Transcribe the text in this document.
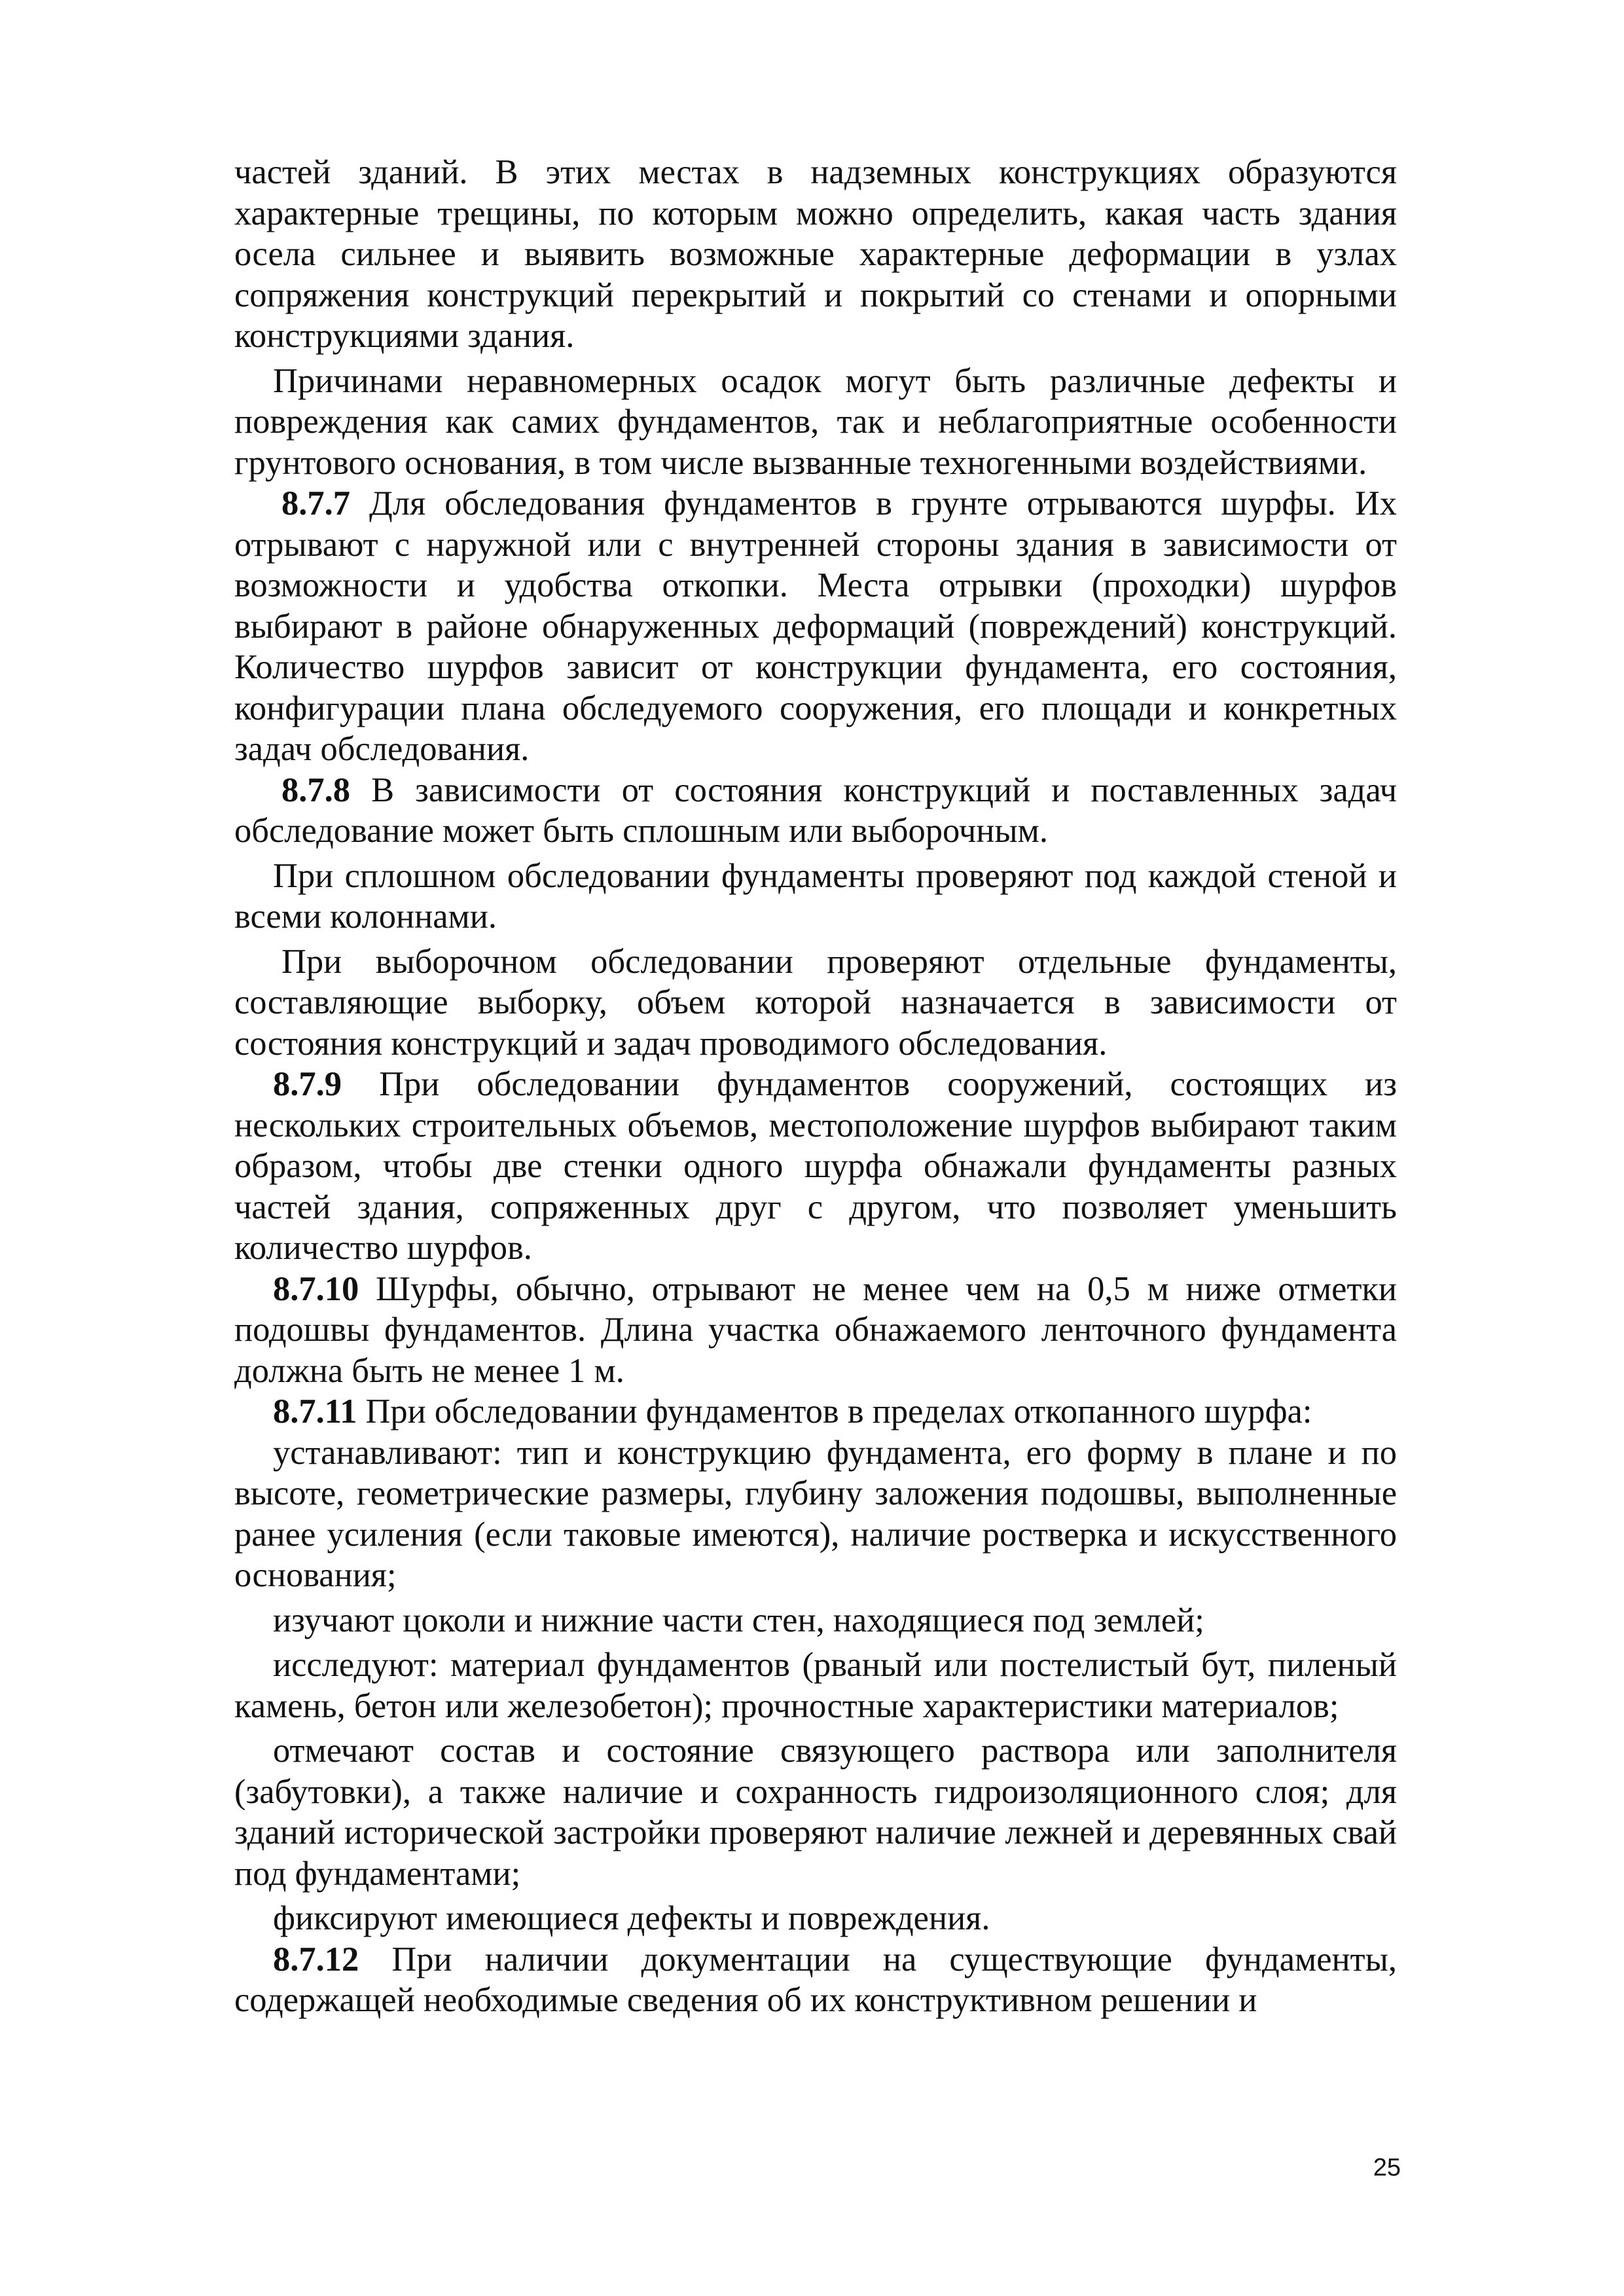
частей зданий. В этих местах в надземных конструкциях образуются характерные трещины, по которым можно определить, какая часть здания осела сильнее и выявить возможные характерные деформации в узлах сопряжения конструкций перекрытий и покрытий со стенами и опорными конструкциями здания.

Причинами неравномерных осадок могут быть различные дефекты и повреждения как самих фундаментов, так и неблагоприятные особенности грунтового основания, в том числе вызванные техногенными воздействиями.

8.7.7 Для обследования фундаментов в грунте отрываются шурфы. Их отрывают с наружной или с внутренней стороны здания в зависимости от возможности и удобства откопки. Места отрывки (проходки) шурфов выбирают в районе обнаруженных деформаций (повреждений) конструкций. Количество шурфов зависит от конструкции фундамента, его состояния, конфигурации плана обследуемого сооружения, его площади и конкретных задач обследования.

8.7.8 В зависимости от состояния конструкций и поставленных задач обследование может быть сплошным или выборочным.

При сплошном обследовании фундаменты проверяют под каждой стеной и всеми колоннами.

При выборочном обследовании проверяют отдельные фундаменты, составляющие выборку, объем которой назначается в зависимости от состояния конструкций и задач проводимого обследования.

8.7.9 При обследовании фундаментов сооружений, состоящих из нескольких строительных объемов, местоположение шурфов выбирают таким образом, чтобы две стенки одного шурфа обнажали фундаменты разных частей здания, сопряженных друг с другом, что позволяет уменьшить количество шурфов.

8.7.10 Шурфы, обычно, отрывают не менее чем на 0,5 м ниже отметки подошвы фундаментов. Длина участка обнажаемого ленточного фундамента должна быть не менее 1 м.

8.7.11 При обследовании фундаментов в пределах откопанного шурфа:

устанавливают: тип и конструкцию фундамента, его форму в плане и по высоте, геометрические размеры, глубину заложения подошвы, выполненные ранее усиления (если таковые имеются), наличие ростверка и искусственного основания;

изучают цоколи и нижние части стен, находящиеся под землей;

исследуют: материал фундаментов (рваный или постелистый бут, пиленый камень, бетон или железобетон); прочностные характеристики материалов;

отмечают состав и состояние связующего раствора или заполнителя (забутовки), а также наличие и сохранность гидроизоляционного слоя; для зданий исторической застройки проверяют наличие лежней и деревянных свай под фундаментами;

фиксируют имеющиеся дефекты и повреждения.

8.7.12 При наличии документации на существующие фундаменты, содержащей необходимые сведения об их конструктивном решении и

25
